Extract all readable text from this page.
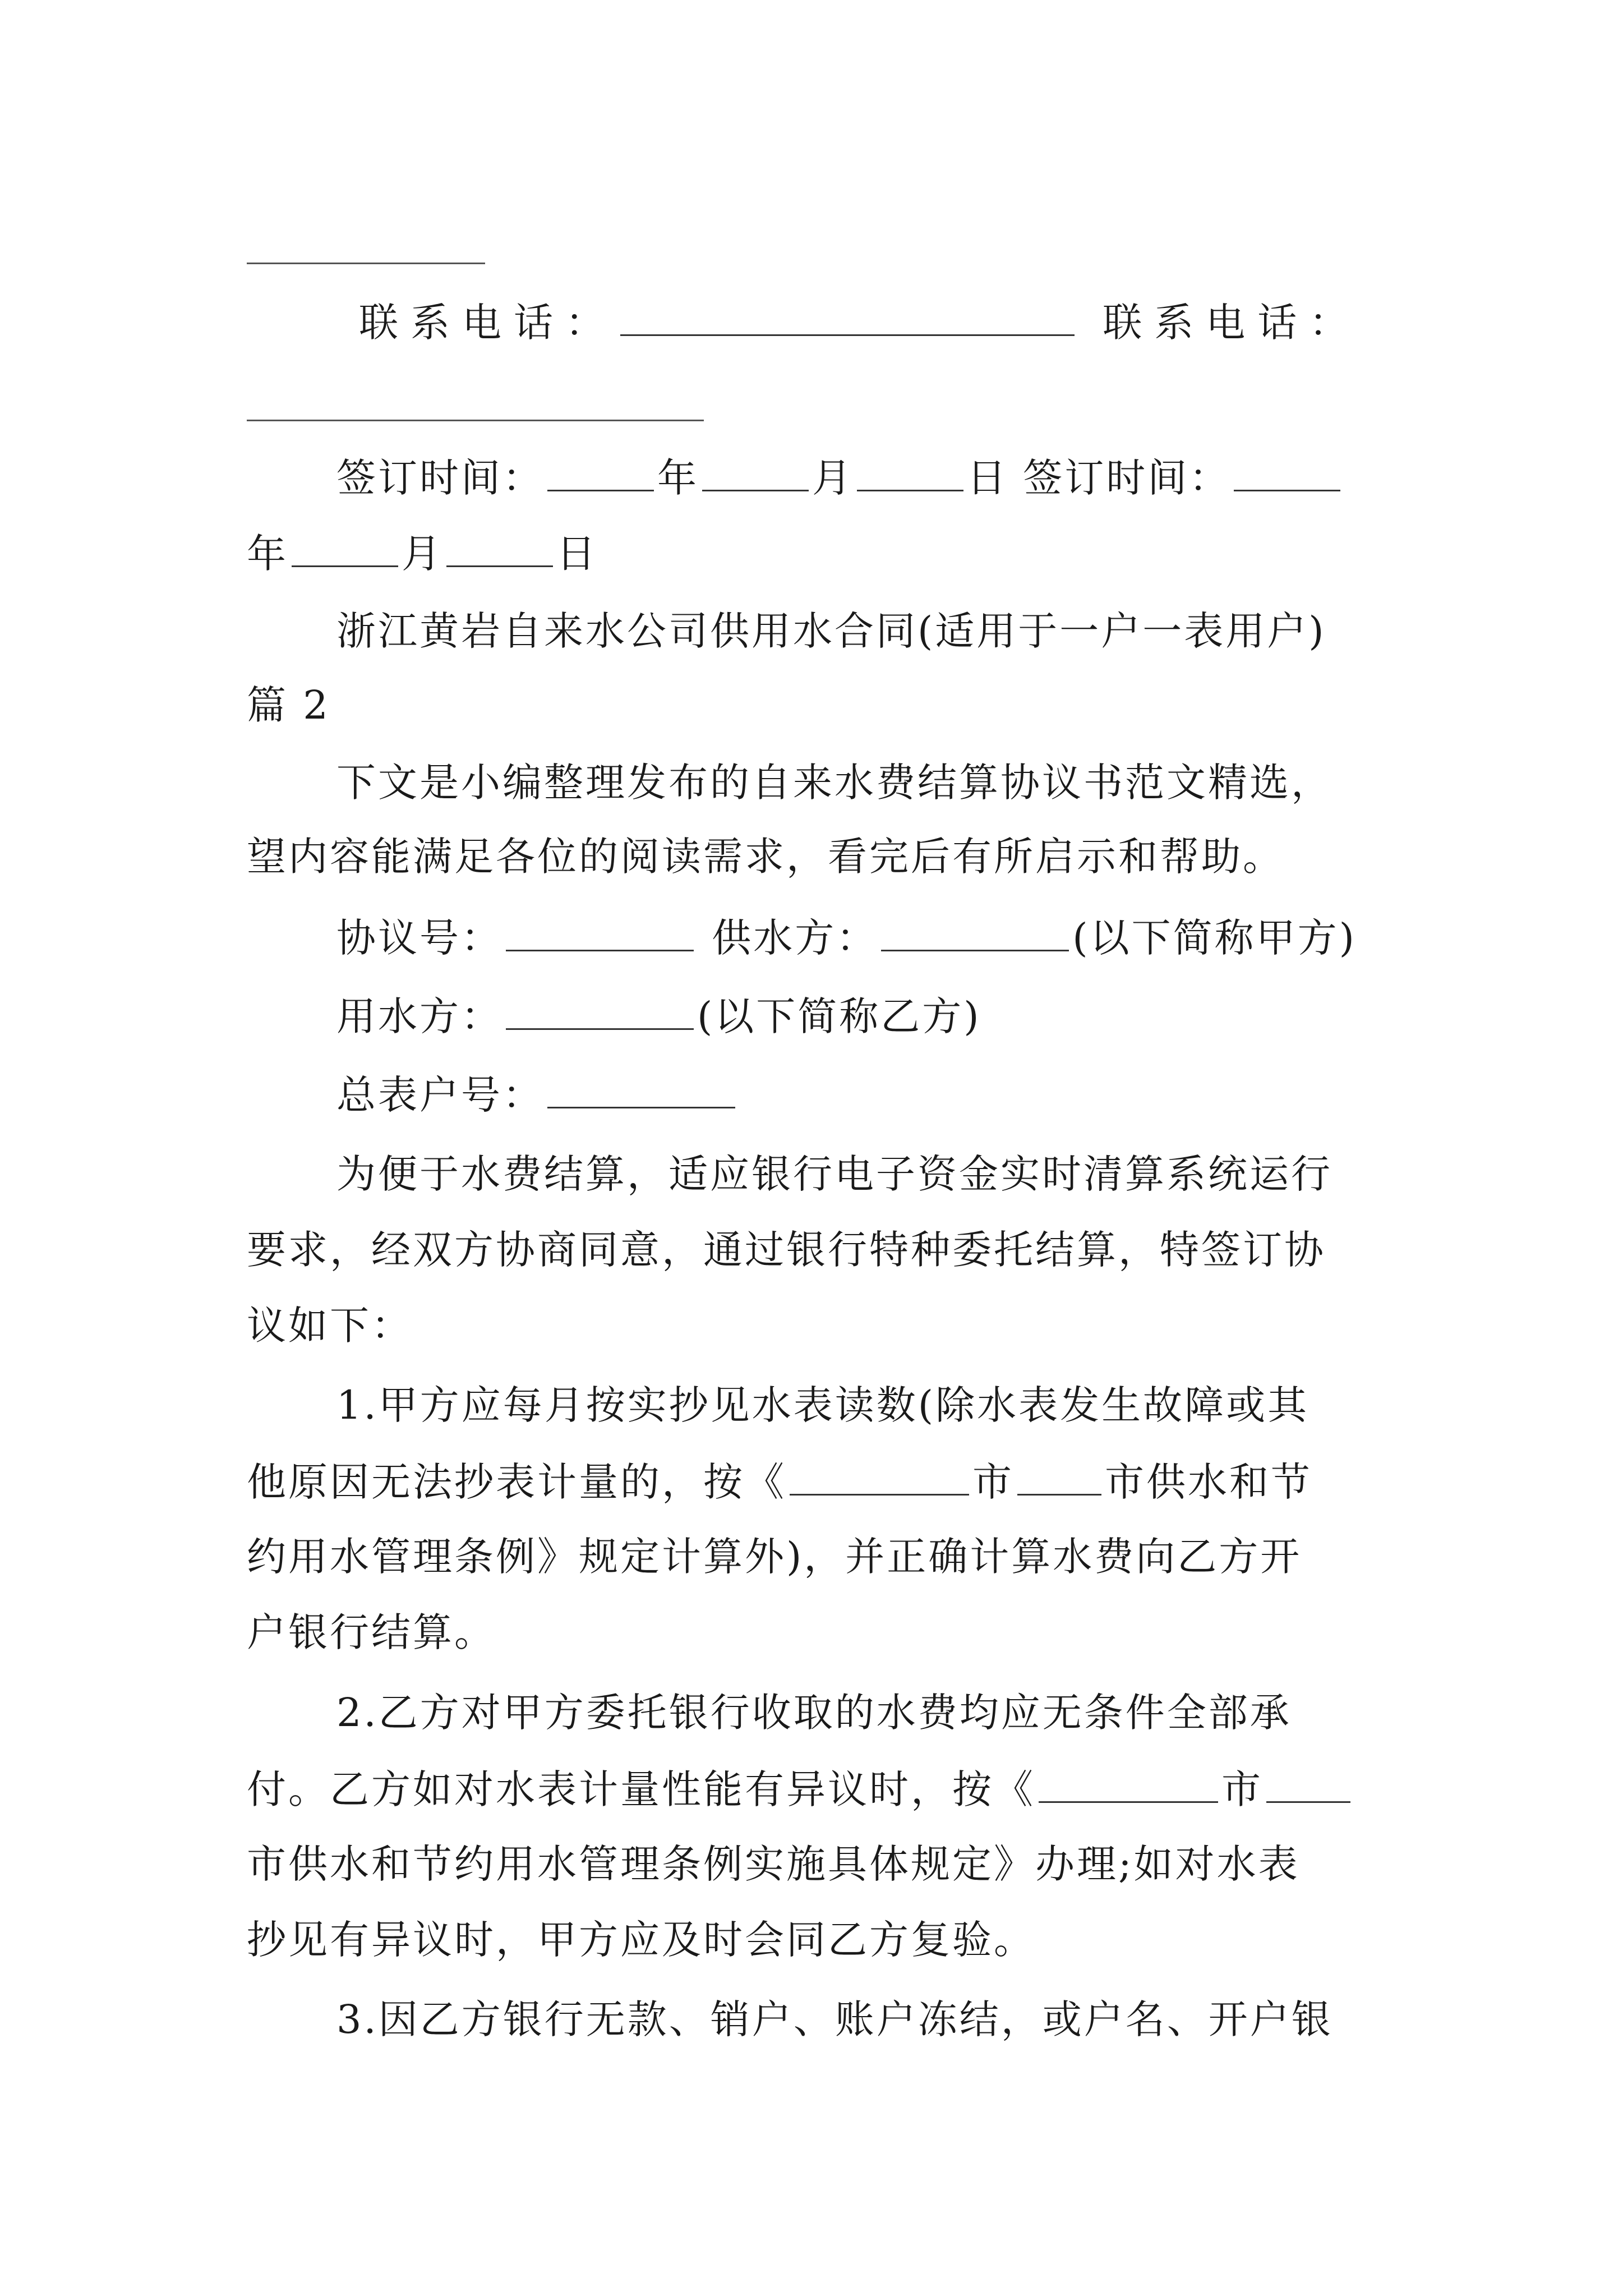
联系电话：	联系电话：
签订时间：	年	月	日 签订时间：
年	月	日
浙江黄岩自来水公司供用水合同(适用于一户一表用户)
篇 2
下文是小编整理发布的自来水费结算协议书范文精选，
望内容能满足各位的阅读需求，看完后有所启示和帮助。
协议号：	供水方：	(以下简称甲方)
用水方：	(以下简称乙方)
总表户号：
为便于水费结算，适应银行电子资金实时清算系统运行
要求，经双方协商同意，通过银行特种委托结算，特签订协
议如下：
1.甲方应每月按实抄见水表读数(除水表发生故障或其
他原因无法抄表计量的，按《	市 市供水和节
约用水管理条例》规定计算外)，并正确计算水费向乙方开
户银行结算。
2.乙方对甲方委托银行收取的水费均应无条件全部承
付。乙方如对水表计量性能有异议时，按《	市
市供水和节约用水管理条例实施具体规定》办理;如对水表
抄见有异议时，甲方应及时会同乙方复验。
3.因乙方银行无款、销户、账户冻结，或户名、开户银
